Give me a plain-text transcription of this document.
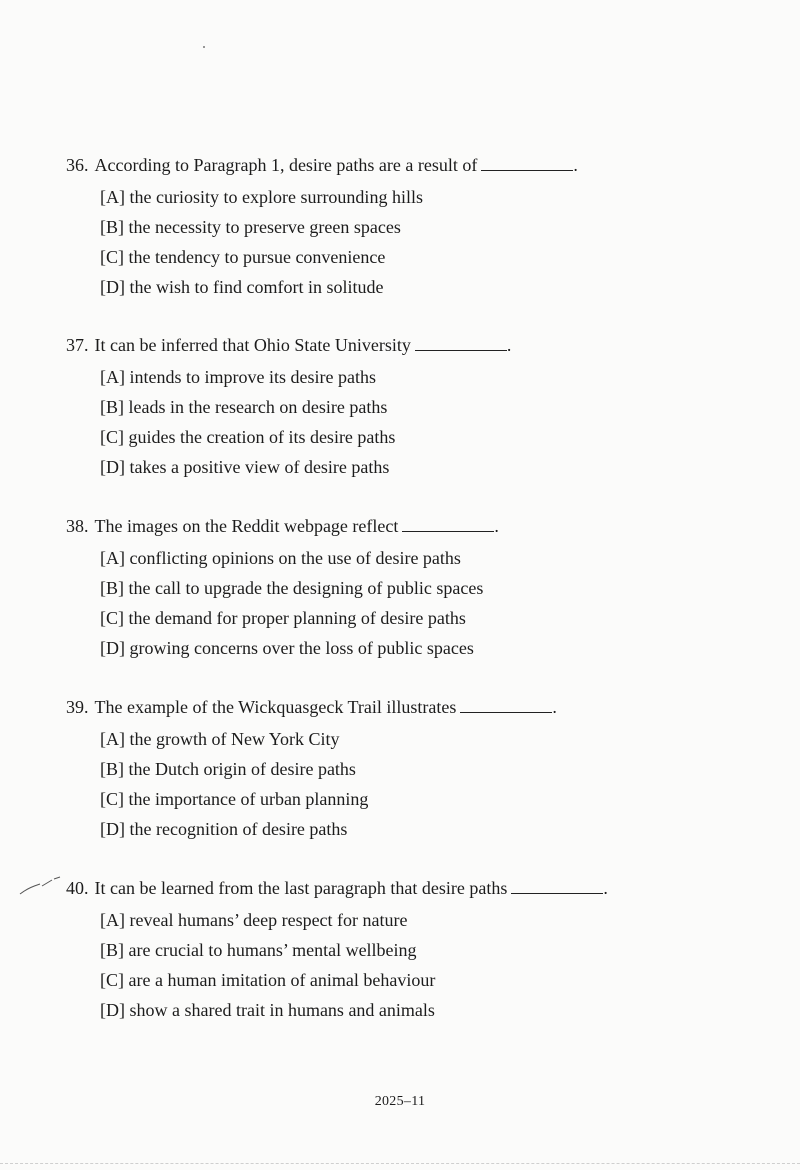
36. According to Paragraph 1, desire paths are a result of	.
[A] the curiosity to explore surrounding hills
[B] the necessity to preserve green spaces
[C] the tendency to pursue convenience
[D] the wish to find comfort in solitude
37. It can be inferred that Ohio State University	.
[A] intends to improve its desire paths
[B] leads in the research on desire paths
[C] guides the creation of its desire paths
[D] takes a positive view of desire paths
38. The images on the Reddit webpage reflect	.
[A] conflicting opinions on the use of desire paths
[B] the call to upgrade the designing of public spaces
[C] the demand for proper planning of desire paths
[D] growing concerns over the loss of public spaces
39. The example of the Wickquasgeck Trail illustrates	.
[A] the growth of New York City
[B] the Dutch origin of desire paths
[C] the importance of urban planning
[D] the recognition of desire paths
40. It can be learned from the last paragraph that desire paths	.
[A] reveal humans’ deep respect for nature
[B] are crucial to humans’ mental wellbeing
[C] are a human imitation of animal behaviour
[D] show a shared trait in humans and animals
2025–11
